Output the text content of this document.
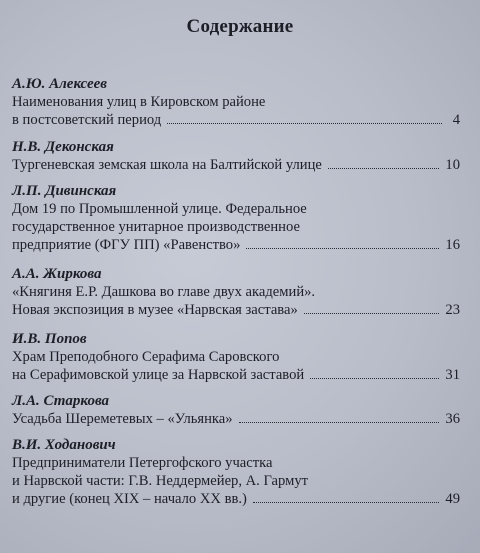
Содержание
А.Ю. Алексеев
Наименования улиц в Кировском районе
в постсоветский период	4
Н.В. Деконская
Тургеневская земская школа на Балтийской улице	10
Л.П. Дивинская
Дом 19 по Промышленной улице. Федеральное
государственное унитарное производственное
предприятие (ФГУ ПП) «Равенство»	16
А.А. Жиркова
«Княгиня Е.Р. Дашкова во главе двух академий».
Новая экспозиция в музее «Нарвская застава»	23
И.В. Попов
Храм Преподобного Серафима Саровского
на Серафимовской улице за Нарвской заставой	31
Л.А. Старкова
Усадьба Шереметевых – «Ульянка»	36
В.И. Ходанович
Предприниматели Петергофского участка
и Нарвской части: Г.В. Неддермейер, А. Гармут
и другие (конец XIX – начало XX вв.)	49
